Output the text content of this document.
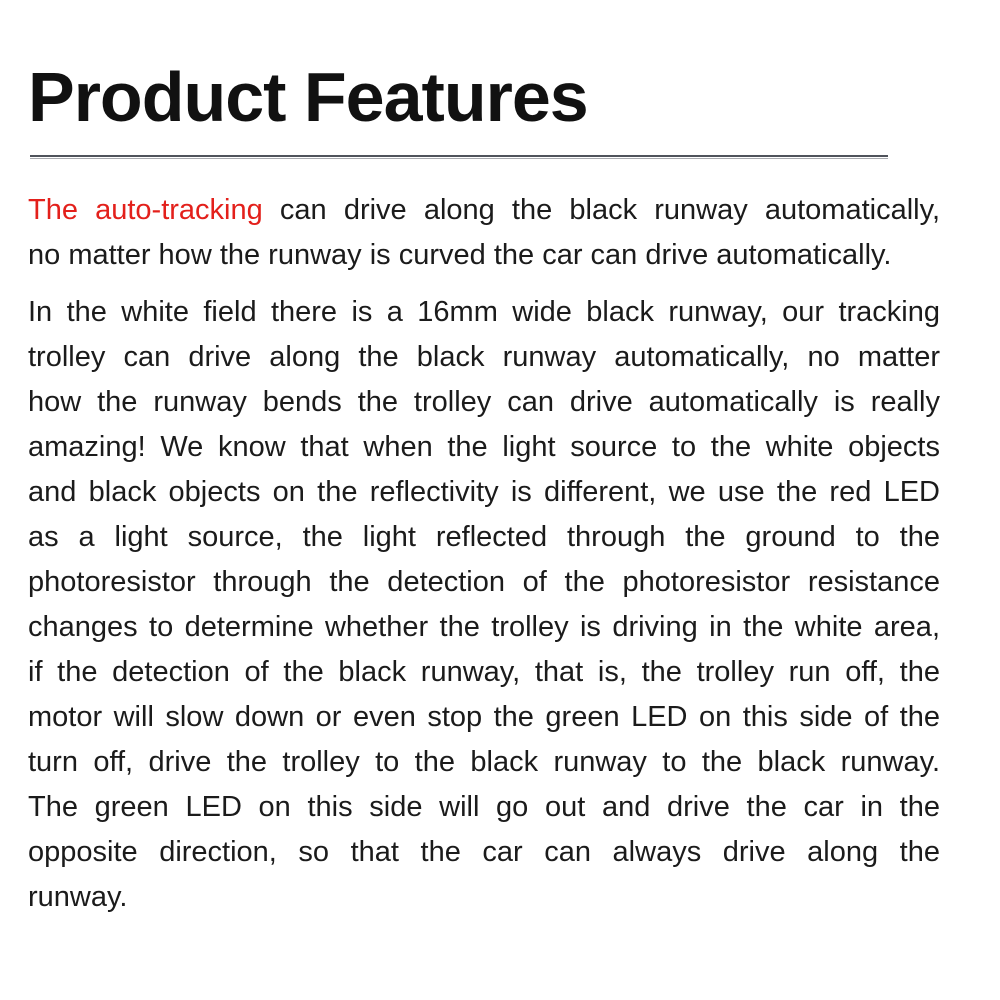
Product Features
The auto-tracking can drive along the black runway automatically,
no matter how the runway is curved the car can drive automatically.
In the white field there is a 16mm wide black runway, our tracking
trolley can drive along the black runway automatically, no matter
how the runway bends the trolley can drive automatically is really
amazing! We know that when the light source to the white objects
and black objects on the reflectivity is different, we use the red LED
as a light source, the light reflected through the ground to the
photoresistor through the detection of the photoresistor resistance
changes to determine whether the trolley is driving in the white area,
if the detection of the black runway, that is, the trolley run off, the
motor will slow down or even stop the green LED on this side of the
turn off, drive the trolley to the black runway to the black runway.
The green LED on this side will go out and drive the car in the
opposite direction, so that the car can always drive along the
runway.
